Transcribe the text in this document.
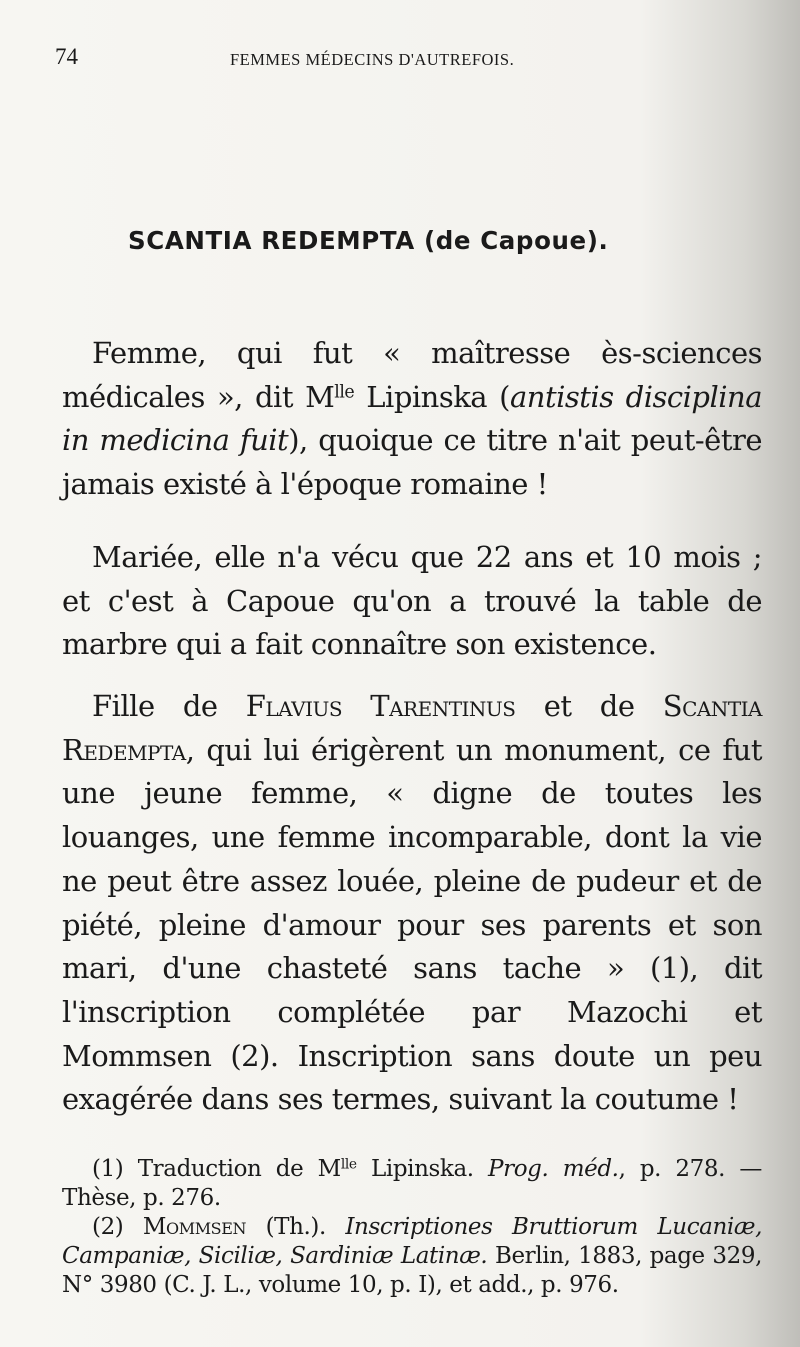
74	FEMMES MÉDECINS D'AUTREFOIS.
SCANTIA REDEMPTA (de Capoue).

Femme, qui fut « maîtresse ès-sciences médicales », dit $M^{lle}$ Lipinska (antistis disciplina in medicina fuit), quoique ce titre n'ait peut-être jamais existé à l'époque romaine !

Mariée, elle n'a vécu que 22 ans et 10 mois ; et c'est à Capoue qu'on a trouvé la table de marbre qui a fait connaître son existence.

Fille de Flavius Tarentinus et de Scantia Redempta, qui lui érigèrent un monument, ce fut une jeune femme, « digne de toutes les louanges, une femme incomparable, dont la vie ne peut être assez louée, pleine de pudeur et de piété, pleine d'amour pour ses parents et son mari, d'une chasteté sans tache » (1), dit l'inscription complétée par Mazochi et Mommsen (2). Inscription sans doute un peu exagérée dans ses termes, suivant la coutume !

(1) Traduction de $M^{lle}$ Lipinska. Prog. méd., p. 278. — Thèse, p. 276.

(2) Mommsen (Th.). Inscriptiones Bruttiorum Lucaniæ, Campaniæ, Siciliæ, Sardiniæ Latinæ. Berlin, 1883, page 329, N° 3980 (C. J. L., volume 10, p. I), et add., p. 976.
